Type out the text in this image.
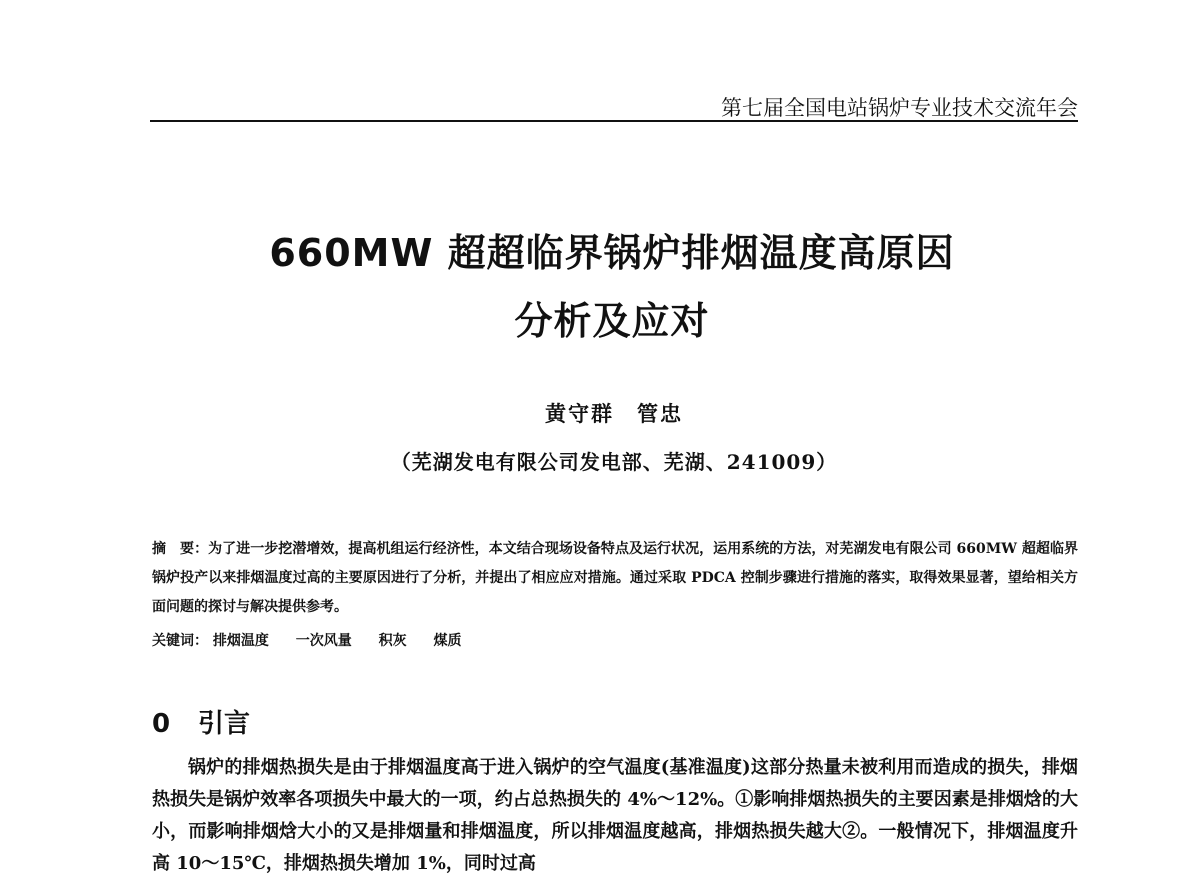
第七届全国电站锅炉专业技术交流年会
660MW 超超临界锅炉排烟温度高原因
分析及应对
黄守群　管忠
（芜湖发电有限公司发电部、芜湖、241009）
摘　要：为了进一步挖潜增效，提高机组运行经济性，本文结合现场设备特点及运行状况，运用系统的方法，对芜湖发电有限公司 660MW 超超临界锅炉投产以来排烟温度过高的主要原因进行了分析，并提出了相应应对措施。通过采取 PDCA 控制步骤进行措施的落实，取得效果显著，望给相关方面问题的探讨与解决提供参考。
关键词： 排烟温度 一次风量 积灰 煤质
0 引言
锅炉的排烟热损失是由于排烟温度高于进入锅炉的空气温度(基准温度)这部分热量未被利用而造成的损失，排烟热损失是锅炉效率各项损失中最大的一项，约占总热损失的 4%～12%。①影响排烟热损失的主要因素是排烟焓的大小，而影响排烟焓大小的又是排烟量和排烟温度，所以排烟温度越高，排烟热损失越大②。一般情况下，排烟温度升高 10～15℃，排烟热损失增加 1%，同时过高
